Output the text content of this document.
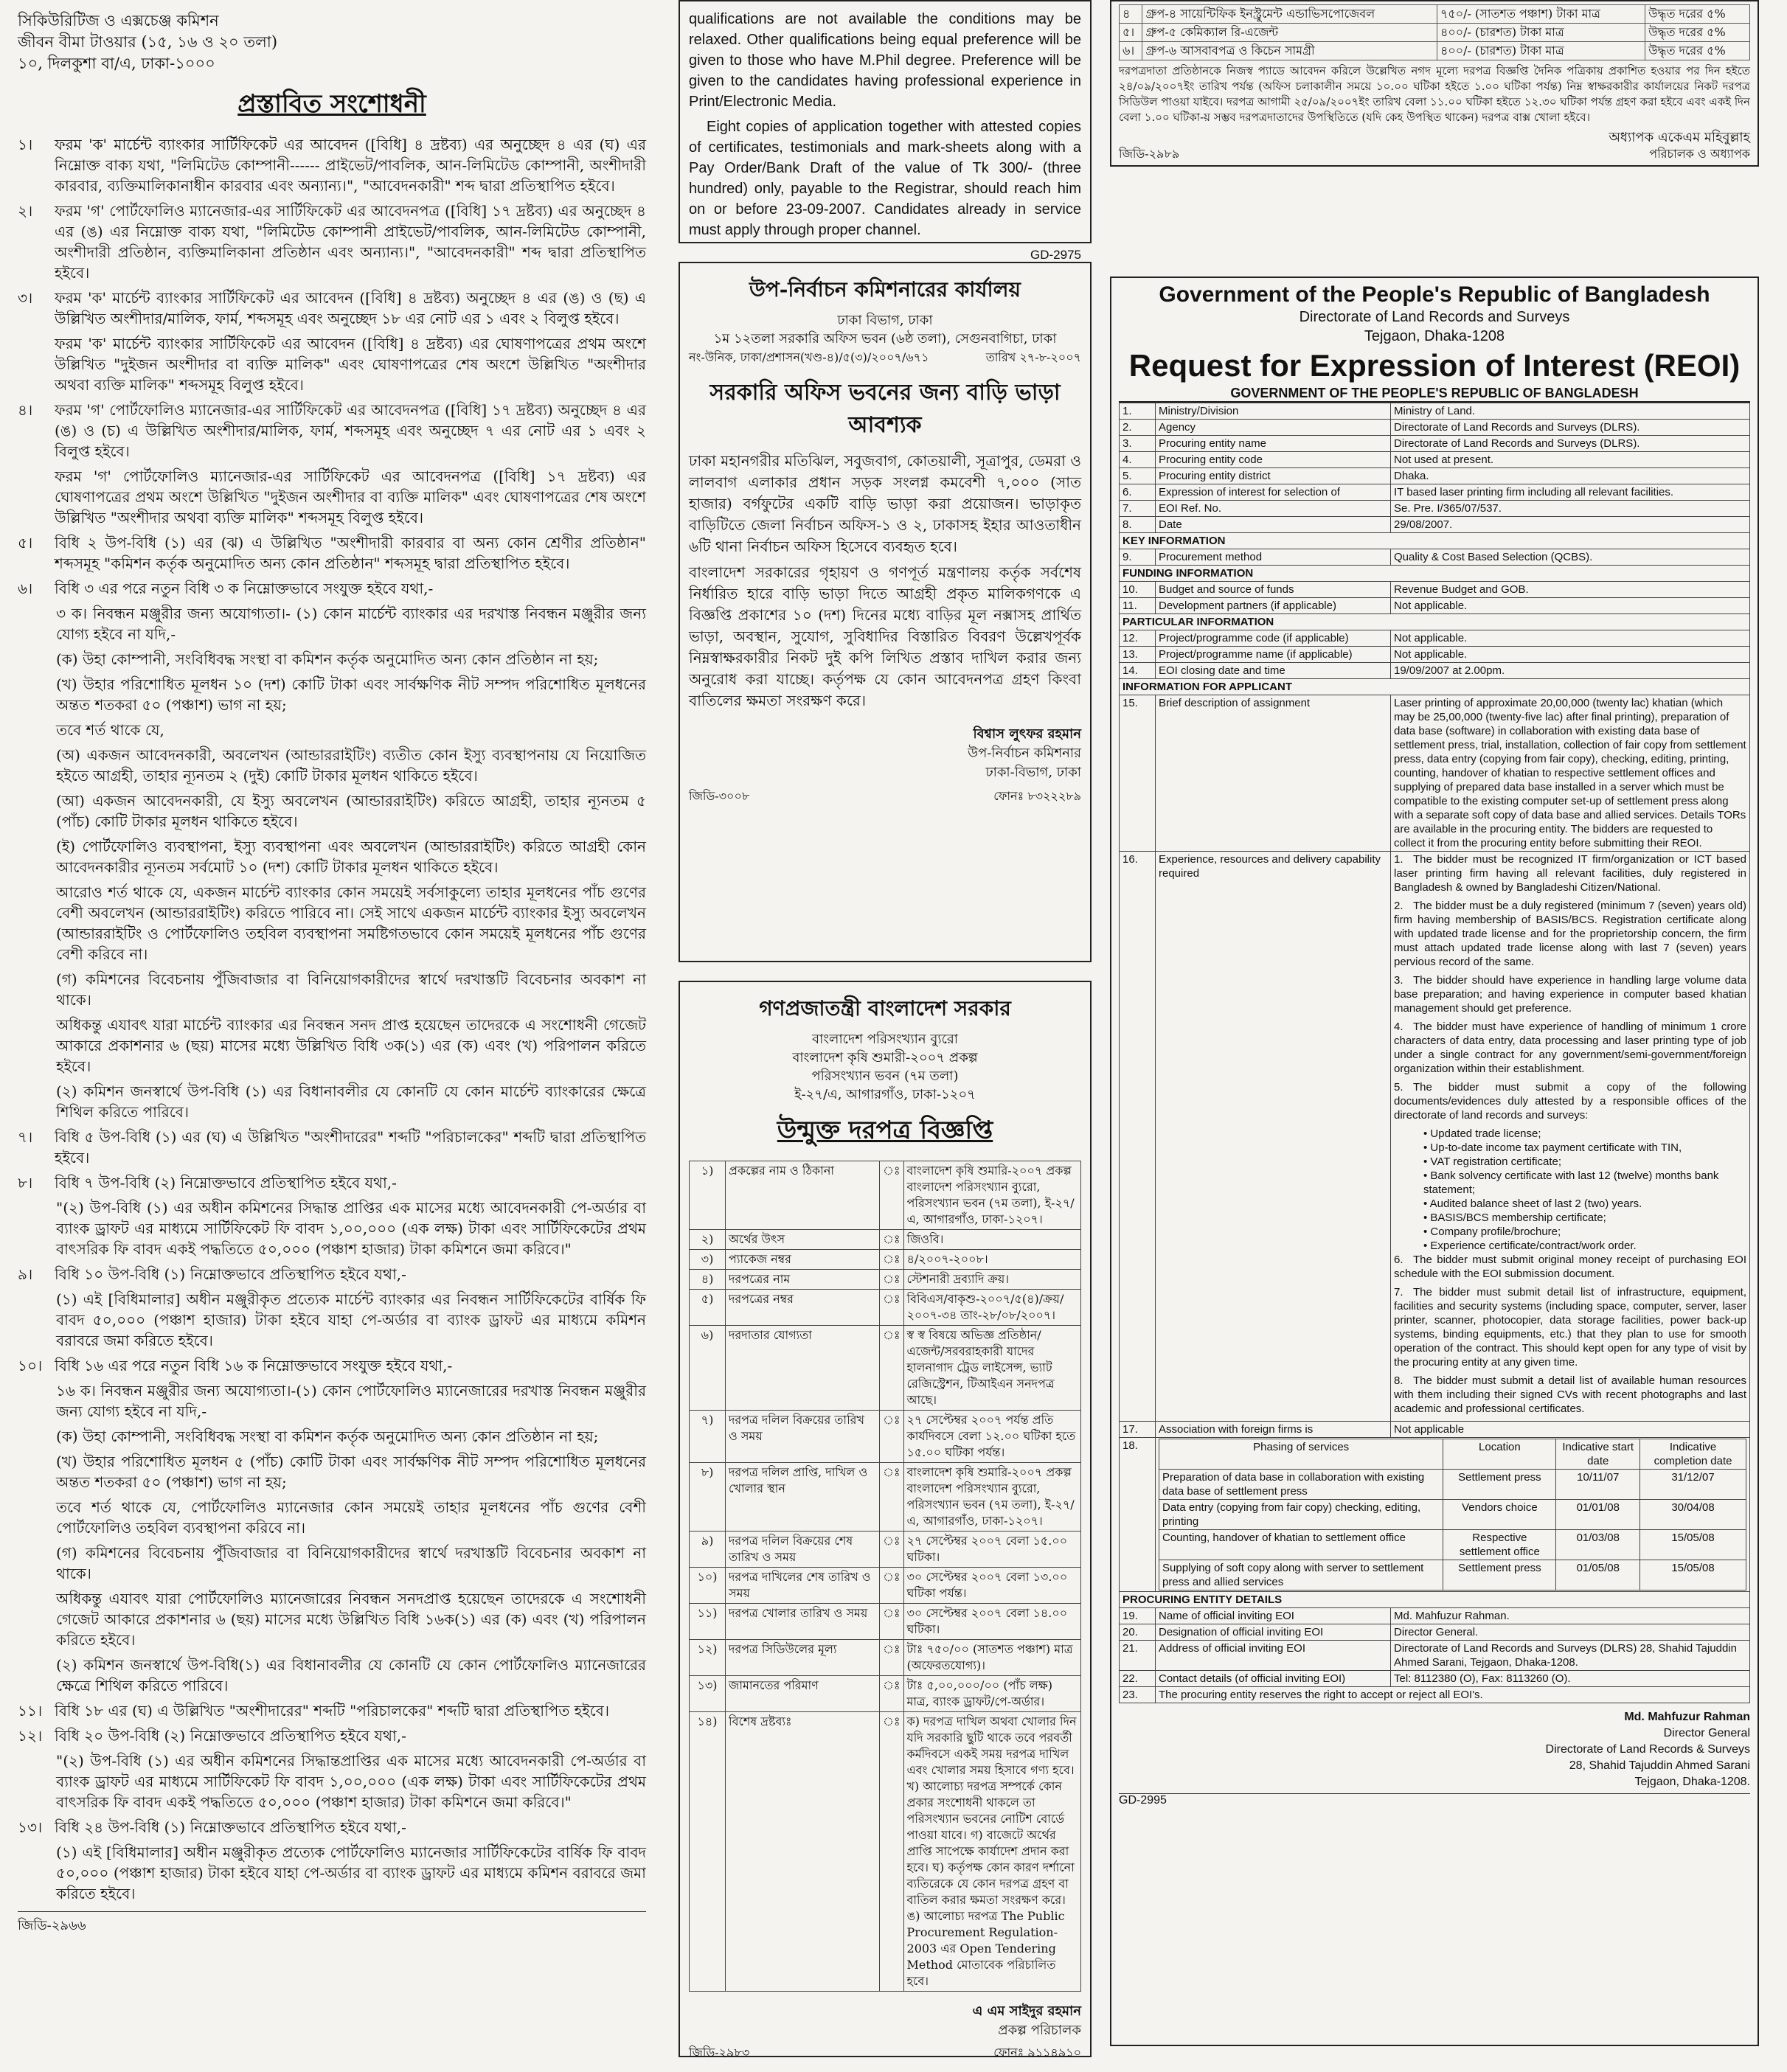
সিকিউরিটিজ ও এক্সচেঞ্জ কমিশন

জীবন বীমা টাওয়ার (১৫, ১৬ ও ২০ তলা)

১০, দিলকুশা বা/এ, ঢাকা-১০০০

প্রস্তাবিত সংশোধনী
১।	ফরম 'ক' মার্চেন্ট ব্যাংকার সার্টিফিকেট এর আবেদন ([বিধি] ৪ দ্রষ্টব্য) এর অনুচ্ছেদ ৪ এর (ঘ) এর নিম্নোক্ত বাক্য যথা, "লিমিটেড কোম্পানী------ প্রাইভেট/পাবলিক, আন-লিমিটেড কোম্পানী, অংশীদারী কারবার, ব্যক্তিমালিকানাধীন কারবার এবং অন্যান্য।", "আবেদনকারী" শব্দ দ্বারা প্রতিস্থাপিত হইবে।
২।	ফরম 'গ' পোর্টফোলিও ম্যানেজার-এর সার্টিফিকেট এর আবেদনপত্র ([বিধি] ১৭ দ্রষ্টব্য) এর অনুচ্ছেদ ৪ এর (ঙ) এর নিম্নোক্ত বাক্য যথা, "লিমিটেড কোম্পানী প্রাইভেট/পাবলিক, আন-লিমিটেড কোম্পানী, অংশীদারী প্রতিষ্ঠান, ব্যক্তিমালিকানা প্রতিষ্ঠান এবং অন্যান্য।", "আবেদনকারী" শব্দ দ্বারা প্রতিস্থাপিত হইবে।
৩।	ফরম 'ক' মার্চেন্ট ব্যাংকার সার্টিফিকেট এর আবেদন ([বিধি] ৪ দ্রষ্টব্য) অনুচ্ছেদ ৪ এর (ঙ) ও (ছ) এ উল্লিখিত অংশীদার/মালিক, ফার্ম, শব্দসমূহ এবং অনুচ্ছেদ ১৮ এর নোট এর ১ এবং ২ বিলুপ্ত হইবে।
ফরম 'ক' মার্চেন্ট ব্যাংকার সার্টিফিকেট এর আবেদন ([বিধি] ৪ দ্রষ্টব্য) এর ঘোষণাপত্রের প্রথম অংশে উল্লিখিত "দুইজন অংশীদার বা ব্যক্তি মালিক" এবং ঘোষণাপত্রের শেষ অংশে উল্লিখিত "অংশীদার অথবা ব্যক্তি মালিক" শব্দসমূহ বিলুপ্ত হইবে।
৪।	ফরম 'গ' পোর্টফোলিও ম্যানেজার-এর সার্টিফিকেট এর আবেদনপত্র ([বিধি] ১৭ দ্রষ্টব্য) অনুচ্ছেদ ৪ এর (ঙ) ও (চ) এ উল্লিখিত অংশীদার/মালিক, ফার্ম, শব্দসমূহ এবং অনুচ্ছেদ ৭ এর নোট এর ১ এবং ২ বিলুপ্ত হইবে।
ফরম 'গ' পোর্টফোলিও ম্যানেজার-এর সার্টিফিকেট এর আবেদনপত্র ([বিধি] ১৭ দ্রষ্টব্য) এর ঘোষণাপত্রের প্রথম অংশে উল্লিখিত "দুইজন অংশীদার বা ব্যক্তি মালিক" এবং ঘোষণাপত্রের শেষ অংশে উল্লিখিত "অংশীদার অথবা ব্যক্তি মালিক" শব্দসমূহ বিলুপ্ত হইবে।
৫।	বিধি ২ উপ-বিধি (১) এর (ঝ) এ উল্লিখিত "অংশীদারী কারবার বা অন্য কোন শ্রেণীর প্রতিষ্ঠান" শব্দসমূহ "কমিশন কর্তৃক অনুমোদিত অন্য কোন প্রতিষ্ঠান" শব্দসমূহ দ্বারা প্রতিস্থাপিত হইবে।
৬।	বিধি ৩ এর পরে নতুন বিধি ৩ ক নিম্নোক্তভাবে সংযুক্ত হইবে যথা,-
৩ ক। নিবন্ধন মঞ্জুরীর জন্য অযোগ্যতা।- (১) কোন মার্চেন্ট ব্যাংকার এর দরখাস্ত নিবন্ধন মঞ্জুরীর জন্য যোগ্য হইবে না যদি,-
(ক) উহা কোম্পানী, সংবিধিবদ্ধ সংস্থা বা কমিশন কর্তৃক অনুমোদিত অন্য কোন প্রতিষ্ঠান না হয়;
(খ) উহার পরিশোধিত মূলধন ১০ (দশ) কোটি টাকা এবং সার্বক্ষণিক নীট সম্পদ পরিশোধিত মূলধনের অন্তত শতকরা ৫০ (পঞ্চাশ) ভাগ না হয়;
তবে শর্ত থাকে যে,
(অ) একজন আবেদনকারী, অবলেখন (আন্ডাররাইটিং) ব্যতীত কোন ইস্যু ব্যবস্থাপনায় যে নিয়োজিত হইতে আগ্রহী, তাহার ন্যূনতম ২ (দুই) কোটি টাকার মূলধন থাকিতে হইবে।
(আ) একজন আবেদনকারী, যে ইস্যু অবলেখন (আন্ডাররাইটিং) করিতে আগ্রহী, তাহার ন্যূনতম ৫ (পাঁচ) কোটি টাকার মূলধন থাকিতে হইবে।
(ই) পোর্টফোলিও ব্যবস্থাপনা, ইস্যু ব্যবস্থাপনা এবং অবলেখন (আন্ডাররাইটিং) করিতে আগ্রহী কোন আবেদনকারীর ন্যূনতম সর্বমোট ১০ (দশ) কোটি টাকার মূলধন থাকিতে হইবে।
আরোও শর্ত থাকে যে, একজন মার্চেন্ট ব্যাংকার কোন সময়েই সর্বসাকুল্যে তাহার মূলধনের পাঁচ গুণের বেশী অবলেখন (আন্ডাররাইটিং) করিতে পারিবে না। সেই সাথে একজন মার্চেন্ট ব্যাংকার ইস্যু অবলেখন (আন্ডাররাইটিং ও পোর্টফোলিও তহবিল ব্যবস্থাপনা সমষ্টিগতভাবে কোন সময়েই মূলধনের পাঁচ গুণের বেশী করিবে না।
(গ) কমিশনের বিবেচনায় পুঁজিবাজার বা বিনিয়োগকারীদের স্বার্থে দরখাস্তটি বিবেচনার অবকাশ না থাকে।
অধিকন্তু এযাবৎ যারা মার্চেন্ট ব্যাংকার এর নিবন্ধন সনদ প্রাপ্ত হয়েছেন তাদেরকে এ সংশোধনী গেজেট আকারে প্রকাশনার ৬ (ছয়) মাসের মধ্যে উল্লিখিত বিধি ৩ক(১) এর (ক) এবং (খ) পরিপালন করিতে হইবে।
(২) কমিশন জনস্বার্থে উপ-বিধি (১) এর বিধানাবলীর যে কোনটি যে কোন মার্চেন্ট ব্যাংকারের ক্ষেত্রে শিথিল করিতে পারিবে।
৭।	বিধি ৫ উপ-বিধি (১) এর (ঘ) এ উল্লিখিত "অংশীদারের" শব্দটি "পরিচালকের" শব্দটি দ্বারা প্রতিস্থাপিত হইবে।
৮।	বিধি ৭ উপ-বিধি (২) নিম্নোক্তভাবে প্রতিস্থাপিত হইবে যথা,-
"(২) উপ-বিধি (১) এর অধীন কমিশনের সিদ্ধান্ত প্রাপ্তির এক মাসের মধ্যে আবেদনকারী পে-অর্ডার বা ব্যাংক ড্রাফট এর মাধ্যমে সার্টিফিকেট ফি বাবদ ১,০০,০০০ (এক লক্ষ) টাকা এবং সার্টিফিকেটের প্রথম বাৎসরিক ফি বাবদ একই পদ্ধতিতে ৫০,০০০ (পঞ্চাশ হাজার) টাকা কমিশনে জমা করিবে।"
৯।	বিধি ১০ উপ-বিধি (১) নিম্নোক্তভাবে প্রতিস্থাপিত হইবে যথা,-
(১) এই [বিধিমালার] অধীন মঞ্জুরীকৃত প্রত্যেক মার্চেন্ট ব্যাংকার এর নিবন্ধন সার্টিফিকেটের বার্ষিক ফি বাবদ ৫০,০০০ (পঞ্চাশ হাজার) টাকা হইবে যাহা পে-অর্ডার বা ব্যাংক ড্রাফট এর মাধ্যমে কমিশন বরাবরে জমা করিতে হইবে।
১০। বিধি ১৬ এর পরে নতুন বিধি ১৬ ক নিম্নোক্তভাবে সংযুক্ত হইবে যথা,-
১৬ ক। নিবন্ধন মঞ্জুরীর জন্য অযোগ্যতা।-(১) কোন পোর্টফোলিও ম্যানেজারের দরখাস্ত নিবন্ধন মঞ্জুরীর জন্য যোগ্য হইবে না যদি,-
(ক) উহা কোম্পানী, সংবিধিবদ্ধ সংস্থা বা কমিশন কর্তৃক অনুমোদিত অন্য কোন প্রতিষ্ঠান না হয়;
(খ) উহার পরিশোধিত মূলধন ৫ (পাঁচ) কোটি টাকা এবং সার্বক্ষণিক নীট সম্পদ পরিশোধিত মূলধনের অন্তত শতকরা ৫০ (পঞ্চাশ) ভাগ না হয়;
তবে শর্ত থাকে যে, পোর্টফোলিও ম্যানেজার কোন সময়েই তাহার মূলধনের পাঁচ গুণের বেশী পোর্টফোলিও তহবিল ব্যবস্থাপনা করিবে না।
(গ) কমিশনের বিবেচনায় পুঁজিবাজার বা বিনিয়োগকারীদের স্বার্থে দরখাস্তটি বিবেচনার অবকাশ না থাকে।
অধিকন্তু এযাবৎ যারা পোর্টফোলিও ম্যানেজারের নিবন্ধন সনদপ্রাপ্ত হয়েছেন তাদেরকে এ সংশোধনী গেজেট আকারে প্রকাশনার ৬ (ছয়) মাসের মধ্যে উল্লিখিত বিধি ১৬ক(১) এর (ক) এবং (খ) পরিপালন করিতে হইবে।
(২) কমিশন জনস্বার্থে উপ-বিধি(১) এর বিধানাবলীর যে কোনটি যে কোন পোর্টফোলিও ম্যানেজারের ক্ষেত্রে শিথিল করিতে পারিবে।
১১। বিধি ১৮ এর (ঘ) এ উল্লিখিত "অংশীদারের" শব্দটি "পরিচালকের" শব্দটি দ্বারা প্রতিস্থাপিত হইবে।
১২। বিধি ২০ উপ-বিধি (২) নিম্নোক্তভাবে প্রতিস্থাপিত হইবে যথা,-
"(২) উপ-বিধি (১) এর অধীন কমিশনের সিদ্ধান্তপ্রাপ্তির এক মাসের মধ্যে আবেদনকারী পে-অর্ডার বা ব্যাংক ড্রাফট এর মাধ্যমে সার্টিফিকেট ফি বাবদ ১,০০,০০০ (এক লক্ষ) টাকা এবং সার্টিফিকেটের প্রথম বাৎসরিক ফি বাবদ একই পদ্ধতিতে ৫০,০০০ (পঞ্চাশ হাজার) টাকা কমিশনে জমা করিবে।"
১৩। বিধি ২৪ উপ-বিধি (১) নিম্নোক্তভাবে প্রতিস্থাপিত হইবে যথা,-
(১) এই [বিধিমালার] অধীন মঞ্জুরীকৃত প্রত্যেক পোর্টফোলিও ম্যানেজার সার্টিফিকেটের বার্ষিক ফি বাবদ ৫০,০০০ (পঞ্চাশ হাজার) টাকা হইবে যাহা পে-অর্ডার বা ব্যাংক ড্রাফট এর মাধ্যমে কমিশন বরাবরে জমা করিতে হইবে।
জিডি-২৯৬৬

qualifications are not available the conditions may be relaxed. Other qualifications being equal preference will be given to those who have M.Phil degree. Preference will be given to the candidates having professional experience in Print/Electronic Media.

Eight copies of application together with attested copies of certificates, testimonials and mark-sheets along with a Pay Order/Bank Draft of the value of Tk 300/- (three hundred) only, payable to the Registrar, should reach him on or before 23-09-2007. Candidates already in service must apply through proper channel.

GD-2975
উপ-নির্বাচন কমিশনারের কার্যালয়
ঢাকা বিভাগ, ঢাকা
১ম ১২তলা সরকারি অফিস ভবন (৬ষ্ঠ তলা), সেগুনবাগিচা, ঢাকা
নং-উনিক, ঢাকা/প্রশাসন(খণ্ড-৪)/৫(৩)/২০০৭/৬৭১	তারিখ ২৭-৮-২০০৭
সরকারি অফিস ভবনের জন্য বাড়ি ভাড়া আবশ্যক
ঢাকা মহানগরীর মতিঝিল, সবুজবাগ, কোতয়ালী, সূত্রাপুর, ডেমরা ও লালবাগ এলাকার প্রধান সড়ক সংলগ্ন কমবেশী ৭,০০০ (সাত হাজার) বর্গফুটের একটি বাড়ি ভাড়া করা প্রয়োজন। ভাড়াকৃত বাড়িটিতে জেলা নির্বাচন অফিস-১ ও ২, ঢাকাসহ ইহার আওতাধীন ৬টি থানা নির্বাচন অফিস হিসেবে ব্যবহৃত হবে।
বাংলাদেশ সরকারের গৃহায়ণ ও গণপূর্ত মন্ত্রণালয় কর্তৃক সর্বশেষ নির্ধারিত হারে বাড়ি ভাড়া দিতে আগ্রহী প্রকৃত মালিকগণকে এ বিজ্ঞপ্তি প্রকাশের ১০ (দশ) দিনের মধ্যে বাড়ির মূল নক্সাসহ প্রার্থিত ভাড়া, অবস্থান, সুযোগ, সুবিধাদির বিস্তারিত বিবরণ উল্লেখপূর্বক নিম্নস্বাক্ষরকারীর নিকট দুই কপি লিখিত প্রস্তাব দাখিল করার জন্য অনুরোধ করা যাচ্ছে। কর্তৃপক্ষ যে কোন আবেদনপত্র গ্রহণ কিংবা বাতিলের ক্ষমতা সংরক্ষণ করে।
বিশ্বাস লুৎফর রহমান
উপ-নির্বাচন কমিশনার
ঢাকা-বিভাগ, ঢাকা
জিডি-৩০০৮	ফোনঃ ৮৩২২২৮৯
গণপ্রজাতন্ত্রী বাংলাদেশ সরকার
বাংলাদেশ পরিসংখ্যান ব্যুরো
বাংলাদেশ কৃষি শুমারী-২০০৭ প্রকল্প
পরিসংখ্যান ভবন (৭ম তলা)
ই-২৭/এ, আগারগাঁও, ঢাকা-১২০৭
উন্মুক্ত দরপত্র বিজ্ঞপ্তি
১)	প্রকল্পের নাম ও ঠিকানা	ঃ	বাংলাদেশ কৃষি শুমারি-২০০৭ প্রকল্প বাংলাদেশ পরিসংখ্যান ব্যুরো, পরিসংখ্যান ভবন (৭ম তলা), ই-২৭/এ, আগারগাঁও, ঢাকা-১২০৭।
২)	অর্থের উৎস	ঃ	জিওবি।
৩)	প্যাকেজ নম্বর	ঃ	৪/২০০৭-২০০৮।
৪)	দরপত্রের নাম	ঃ	স্টেশনারী দ্রব্যাদি ক্রয়।
৫)	দরপত্রের নম্বর	ঃ	বিবিএস/বাকৃশু-২০০৭/৫(৪)/ক্রয়/২০০৭-৩৪ তাং-২৮/০৮/২০০৭।
৬)	দরদাতার যোগ্যতা	ঃ	স্ব স্ব বিষয়ে অভিজ্ঞ প্রতিষ্ঠান/এজেন্ট/সরবরাহকারী যাদের হালনাগাদ ট্রেড লাইসেন্স, ভ্যাট রেজিস্ট্রেশন, টিআইএন সনদপত্র আছে।
৭)	দরপত্র দলিল বিক্রয়ের তারিখ ও সময়	ঃ	২৭ সেপ্টেম্বর ২০০৭ পর্যন্ত প্রতি কার্যদিবসে বেলা ১২.০০ ঘটিকা হতে ১৫.০০ ঘটিকা পর্যন্ত।
৮)	দরপত্র দলিল প্রাপ্তি, দাখিল ও খোলার স্থান	ঃ	বাংলাদেশ কৃষি শুমারি-২০০৭ প্রকল্প বাংলাদেশ পরিসংখ্যান ব্যুরো, পরিসংখ্যান ভবন (৭ম তলা), ই-২৭/এ, আগারগাঁও, ঢাকা-১২০৭।
৯)	দরপত্র দলিল বিক্রয়ের শেষ তারিখ ও সময়	ঃ	২৭ সেপ্টেম্বর ২০০৭ বেলা ১৫.০০ ঘটিকা।
১০)	দরপত্র দাখিলের শেষ তারিখ ও সময়	ঃ	৩০ সেপ্টেম্বর ২০০৭ বেলা ১৩.০০ ঘটিকা পর্যন্ত।
১১)	দরপত্র খোলার তারিখ ও সময়	ঃ	৩০ সেপ্টেম্বর ২০০৭ বেলা ১৪.০০ ঘটিকা।
১২)	দরপত্র সিডিউলের মূল্য	ঃ	টাঃ ৭৫০/০০ (সাতশত পঞ্চাশ) মাত্র (অফেরতযোগ্য)।
১৩)	জামানতের পরিমাণ	ঃ	টাঃ ৫,০০,০০০/০০ (পাঁচ লক্ষ) মাত্র, ব্যাংক ড্রাফট/পে-অর্ডার।
১৪)	বিশেষ দ্রষ্টব্যঃ	ঃ	ক) দরপত্র দাখিল অথবা খোলার দিন যদি সরকারি ছুটি থাকে তবে পরবর্তী কর্মদিবসে একই সময় দরপত্র দাখিল এবং খোলার সময় হিসাবে গণ্য হবে। খ) আলোচ্য দরপত্র সম্পর্কে কোন প্রকার সংশোধনী থাকলে তা পরিসংখ্যান ভবনের নোটিশ বোর্ডে পাওয়া যাবে। গ) বাজেটে অর্থের প্রাপ্তি সাপেক্ষে কার্যাদেশ প্রদান করা হবে। ঘ) কর্তৃপক্ষ কোন কারণ দর্শানো ব্যতিরেকে যে কোন দরপত্র গ্রহণ বা বাতিল করার ক্ষমতা সংরক্ষণ করে। ঙ) আলোচ্য দরপত্র The Public Procurement Regulation-2003 এর Open Tendering Method মোতাবেক পরিচালিত হবে।
এ এম সাইদুর রহমান
প্রকল্প পরিচালক
জিডি-২৯৮৩	ফোনঃ ৯১১৪৯১০
৪	গ্রুপ-৪ সায়েন্টিফিক ইনস্ট্রুমেন্ট এন্ডাভিসপোজেবল	৭৫০/- (সাতশত পঞ্চাশ) টাকা মাত্র	উদ্ধৃত দরের ৫%
৫।	গ্রুপ-৫ কেমিক্যাল রি-এজেন্ট	৪০০/- (চারশত) টাকা মাত্র	উদ্ধৃত দরের ৫%
৬।	গ্রুপ-৬ আসবাবপত্র ও কিচেন সামগ্রী	৪০০/- (চারশত) টাকা মাত্র	উদ্ধৃত দরের ৫%
দরপত্রদাতা প্রতিষ্ঠানকে নিজস্ব প্যাডে আবেদন করিলে উল্লেখিত নগদ মূল্যে দরপত্র বিজ্ঞপ্তি দৈনিক পত্রিকায় প্রকাশিত হওয়ার পর দিন হইতে ২৪/০৯/২০০৭ইং তারিখ পর্যন্ত (অফিস চলাকালীন সময়ে ১০.০০ ঘটিকা হইতে ১.০০ ঘটিকা পর্যন্ত) নিম্ন স্বাক্ষরকারীর কার্যালয়ের নিকট দরপত্র সিডিউল পাওয়া যাইবে। দরপত্র আগামী ২৫/০৯/২০০৭ইং তারিখ বেলা ১১.০০ ঘটিকা হইতে ১২.৩০ ঘটিকা পর্যন্ত গ্রহণ করা হইবে এবং একই দিন বেলা ১.০০ ঘটিকা-য় সম্ভব দরপত্রদাতাদের উপস্থিতিতে (যদি কেহ উপস্থিত থাকেন) দরপত্র বাক্স খোলা হইবে।
অধ্যাপক একেএম মহিবুল্লাহ
জিডি-২৯৮৯	পরিচালক ও অধ্যাপক
Government of the People's Republic of Bangladesh
Directorate of Land Records and Surveys
Tejgaon, Dhaka-1208
Request for Expression of Interest (REOI)
GOVERNMENT OF THE PEOPLE'S REPUBLIC OF BANGLADESH
1.	Ministry/Division	Ministry of Land.
2.	Agency	Directorate of Land Records and Surveys (DLRS).
3.	Procuring entity name	Directorate of Land Records and Surveys (DLRS).
4.	Procuring entity code	Not used at present.
5.	Procuring entity district	Dhaka.
6.	Expression of interest for selection of	IT based laser printing firm including all relevant facilities.
7.	EOI Ref. No.	Se. Pre. I/365/07/537.
8.	Date	29/08/2007.
KEY INFORMATION
9.	Procurement method	Quality & Cost Based Selection (QCBS).
FUNDING INFORMATION
10.	Budget and source of funds	Revenue Budget and GOB.
11.	Development partners (if applicable)	Not applicable.
PARTICULAR INFORMATION
12.	Project/programme code (if applicable)	Not applicable.
13.	Project/programme name (if applicable)	Not applicable.
14.	EOI closing date and time	19/09/2007 at 2.00pm.
INFORMATION FOR APPLICANT
15.	Brief description of assignment	Laser printing of approximate 20,00,000 (twenty lac) khatian (which may be 25,00,000 (twenty-five lac) after final printing), preparation of data base (software) in collaboration with existing data base of settlement press, trial, installation, collection of fair copy from settlement press, data entry (copying from fair copy), checking, editing, printing, counting, handover of khatian to respective settlement offices and supplying of prepared data base installed in a server which must be compatible to the existing computer set-up of settlement press along with a separate soft copy of data base and allied services. Details TORs are available in the procuring entity. The bidders are requested to collect it from the procuring entity before submitting their REOI.
16.	Experience, resources and delivery capability required	
1. The bidder must be recognized IT firm/organization or ICT based laser printing firm having all relevant facilities, duly registered in Bangladesh & owned by Bangladeshi Citizen/National.
2. The bidder must be a duly registered (minimum 7 (seven) years old) firm having membership of BASIS/BCS. Registration certificate along with updated trade license and for the proprietorship concern, the firm must attach updated trade license along with last 7 (seven) years pervious record of the same.
3. The bidder should have experience in handling large volume data base preparation; and having experience in computer based khatian management should get preference.
4. The bidder must have experience of handling of minimum 1 crore characters of data entry, data processing and laser printing type of job under a single contract for any government/semi-government/foreign organization within their establishment.
5. The bidder must submit a copy of the following documents/evidences duly attested by a responsible offices of the directorate of land records and surveys:
• Updated trade license;
• Up-to-date income tax payment certificate with TIN,
• VAT registration certificate;
• Bank solvency certificate with last 12 (twelve) months bank statement;
• Audited balance sheet of last 2 (two) years.
• BASIS/BCS membership certificate;
• Company profile/brochure;
• Experience certificate/contract/work order.
6. The bidder must submit original money receipt of purchasing EOI schedule with the EOI submission document.
7. The bidder must submit detail list of infrastructure, equipment, facilities and security systems (including space, computer, server, laser printer, scanner, photocopier, data storage facilities, power back-up systems, binding equipments, etc.) that they plan to use for smooth operation of the contract. This should kept open for any type of visit by the procuring entity at any given time.
8. The bidder must submit a detail list of available human resources with them including their signed CVs with recent photographs and last academic and professional certificates.

17.	Association with foreign firms is	Not applicable
18.		Phasing of services	Location	Indicative start date	Indicative completion date
Preparation of data base in collaboration with existing data base of settlement press	Settlement press	10/11/07	31/12/07
Data entry (copying from fair copy) checking, editing, printing	Vendors choice	01/01/08	30/04/08
Counting, handover of khatian to settlement office	Respective settlement office	01/03/08	15/05/08
Supplying of soft copy along with server to settlement press and allied services	Settlement press	01/05/08	15/05/08

PROCURING ENTITY DETAILS
19.	Name of official inviting EOI	Md. Mahfuzur Rahman.
20.	Designation of official inviting EOI	Director General.
21.	Address of official inviting EOI	Directorate of Land Records and Surveys (DLRS) 28, Shahid Tajuddin Ahmed Sarani, Tejgaon, Dhaka-1208.
22.	Contact details (of official inviting EOI)	Tel: 8112380 (O), Fax: 8113260 (O).
23.	The procuring entity reserves the right to accept or reject all EOI's.
Md. Mahfuzur Rahman
Director General
Directorate of Land Records & Surveys
28, Shahid Tajuddin Ahmed Sarani
Tejgaon, Dhaka-1208.
GD-2995
